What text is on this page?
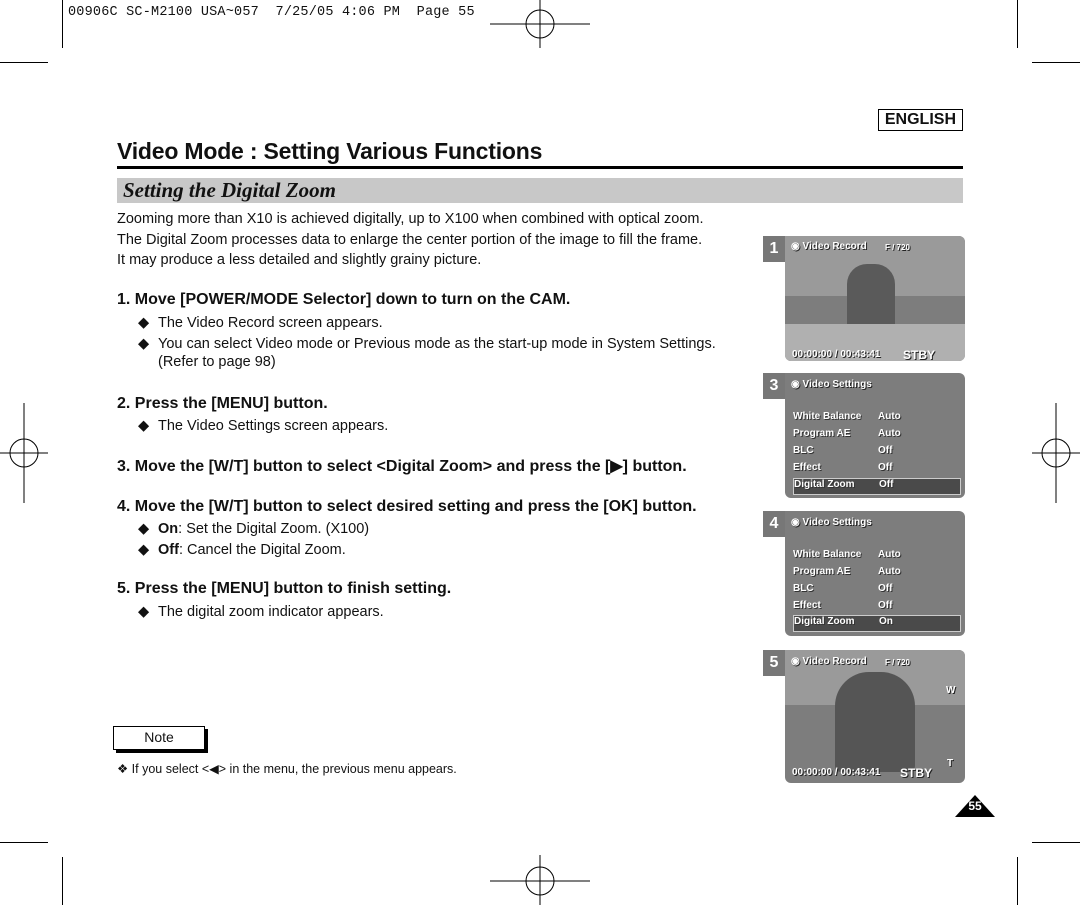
00906C SC-M2100 USA~057  7/25/05 4:06 PM  Page 55
ENGLISH
Video Mode : Setting Various Functions
Setting the Digital Zoom
Zooming more than X10 is achieved digitally, up to X100 when combined with optical zoom.
The Digital Zoom processes data to enlarge the center portion of the image to fill the frame.
It may produce a less detailed and slightly grainy picture.
1. Move [POWER/MODE Selector] down to turn on the CAM.
◆ The Video Record screen appears.
◆ You can select Video mode or Previous mode as the start-up mode in System Settings.
(Refer to page 98)
2. Press the [MENU] button.
◆ The Video Settings screen appears.
3. Move the [W/T] button to select <Digital Zoom> and press the [▶] button.
4. Move the [W/T] button to select desired setting and press the [OK] button.
◆ On: Set the Digital Zoom. (X100)
◆ Off: Cancel the Digital Zoom.
5. Press the [MENU] button to finish setting.
◆ The digital zoom indicator appears.
Note
❖ If you select <◀> in the menu, the previous menu appears.
1	◉ Video Record F / 720
00:00:00 / 00:43:41 STBY
3	◉ Video Settings
White Balance Auto
Program AE	Auto
BLC	Off
Effect	Off
Digital Zoom Off
4	◉ Video Settings
White Balance Auto
Program AE	Auto
BLC	Off
Effect	Off
Digital Zoom On
5	◉ Video Record F / 720
W
T
00:00:00 / 00:43:41 STBY
55
